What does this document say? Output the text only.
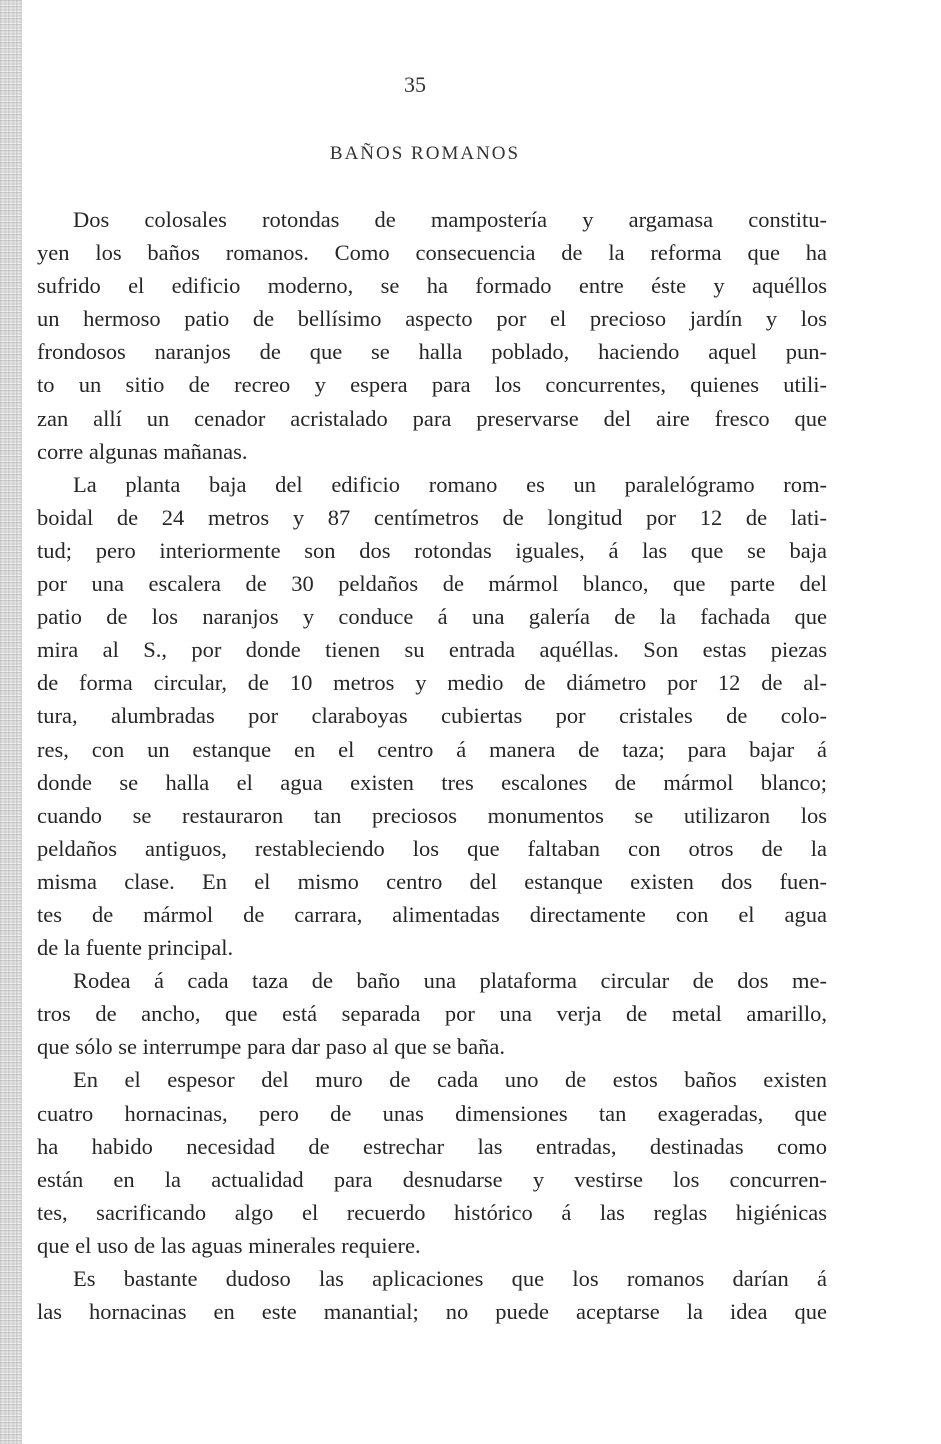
35
BAÑOS ROMANOS
Dos colosales rotondas de mampostería y argamasa constitu-
yen los baños romanos. Como consecuencia de la reforma que ha
sufrido el edificio moderno, se ha formado entre éste y aquéllos
un hermoso patio de bellísimo aspecto por el precioso jardín y los
frondosos naranjos de que se halla poblado, haciendo aquel pun-
to un sitio de recreo y espera para los concurrentes, quienes utili-
zan allí un cenador acristalado para preservarse del aire fresco que
corre algunas mañanas.
La planta baja del edificio romano es un paralelógramo rom-
boidal de 24 metros y 87 centímetros de longitud por 12 de lati-
tud; pero interiormente son dos rotondas iguales, á las que se baja
por una escalera de 30 peldaños de mármol blanco, que parte del
patio de los naranjos y conduce á una galería de la fachada que
mira al S., por donde tienen su entrada aquéllas. Son estas piezas
de forma circular, de 10 metros y medio de diámetro por 12 de al-
tura, alumbradas por claraboyas cubiertas por cristales de colo-
res, con un estanque en el centro á manera de taza; para bajar á
donde se halla el agua existen tres escalones de mármol blanco;
cuando se restauraron tan preciosos monumentos se utilizaron los
peldaños antiguos, restableciendo los que faltaban con otros de la
misma clase. En el mismo centro del estanque existen dos fuen-
tes de mármol de carrara, alimentadas directamente con el agua
de la fuente principal.
Rodea á cada taza de baño una plataforma circular de dos me-
tros de ancho, que está separada por una verja de metal amarillo,
que sólo se interrumpe para dar paso al que se baña.
En el espesor del muro de cada uno de estos baños existen
cuatro hornacinas, pero de unas dimensiones tan exageradas, que
ha habido necesidad de estrechar las entradas, destinadas como
están en la actualidad para desnudarse y vestirse los concurren-
tes, sacrificando algo el recuerdo histórico á las reglas higiénicas
que el uso de las aguas minerales requiere.
Es bastante dudoso las aplicaciones que los romanos darían á
las hornacinas en este manantial; no puede aceptarse la idea que
